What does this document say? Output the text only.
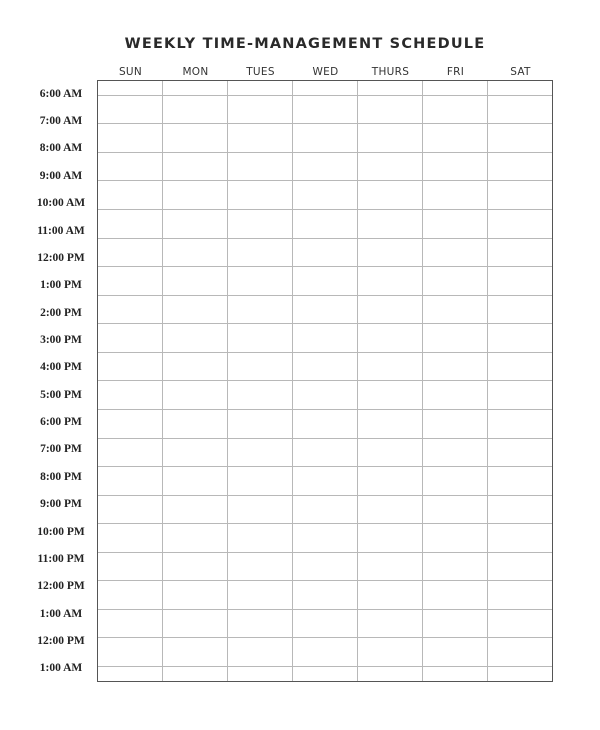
WEEKLY TIME-MANAGEMENT SCHEDULE
SUN	MON	TUES	WED	THURS	FRI	SAT
6:00 AM
7:00 AM
8:00 AM
9:00 AM
10:00 AM
11:00 AM
12:00 PM
1:00 PM
2:00 PM
3:00 PM
4:00 PM
5:00 PM
6:00 PM
7:00 PM
8:00 PM
9:00 PM
10:00 PM
11:00 PM
12:00 PM
1:00 AM
12:00 PM
1:00 AM
